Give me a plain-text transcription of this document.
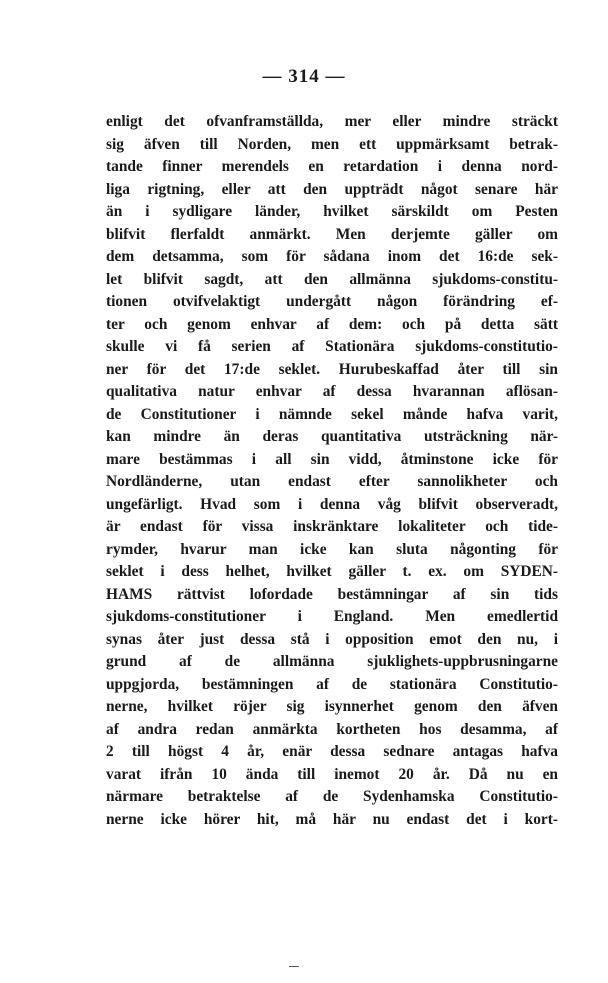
— 314 —
enligt det ofvanframställda, mer eller mindre sträckt
sig äfven till Norden, men ett uppmärksamt betrak-
tande finner merendels en retardation i denna nord-
liga rigtning, eller att den uppträdt något senare här
än i sydligare länder, hvilket särskildt om Pesten
blifvit flerfaldt anmärkt. Men derjemte gäller om
dem detsamma, som för sådana inom det 16:de sek-
let blifvit sagdt, att den allmänna sjukdoms-constitu-
tionen otvifvelaktigt undergått någon förändring ef-
ter och genom enhvar af dem: och på detta sätt
skulle vi få serien af Stationära sjukdoms-constitutio-
ner för det 17:de seklet. Hurubeskaffad åter till sin
qualitativa natur enhvar af dessa hvarannan aflösan-
de Constitutioner i nämnde sekel månde hafva varit,
kan mindre än deras quantitativa utsträckning när-
mare bestämmas i all sin vidd, åtminstone icke för
Nordländerne, utan endast efter sannolikheter och
ungefärligt. Hvad som i denna våg blifvit observeradt,
är endast för vissa inskränktare lokaliteter och tide-
rymder, hvarur man icke kan sluta någonting för
seklet i dess helhet, hvilket gäller t. ex. om SYDEN-
HAMS rättvist lofordade bestämningar af sin tids
sjukdoms-constitutioner i England. Men emedlertid
synas åter just dessa stå i opposition emot den nu, i
grund af de allmänna sjuklighets-uppbrusningarne
uppgjorda, bestämningen af de stationära Constitutio-
nerne, hvilket röjer sig isynnerhet genom den äfven
af andra redan anmärkta kortheten hos desamma, af
2 till högst 4 år, enär dessa sednare antagas hafva
varat ifrån 10 ända till inemot 20 år. Då nu en
närmare betraktelse af de Sydenhamska Constitutio-
nerne icke hörer hit, må här nu endast det i kort-
